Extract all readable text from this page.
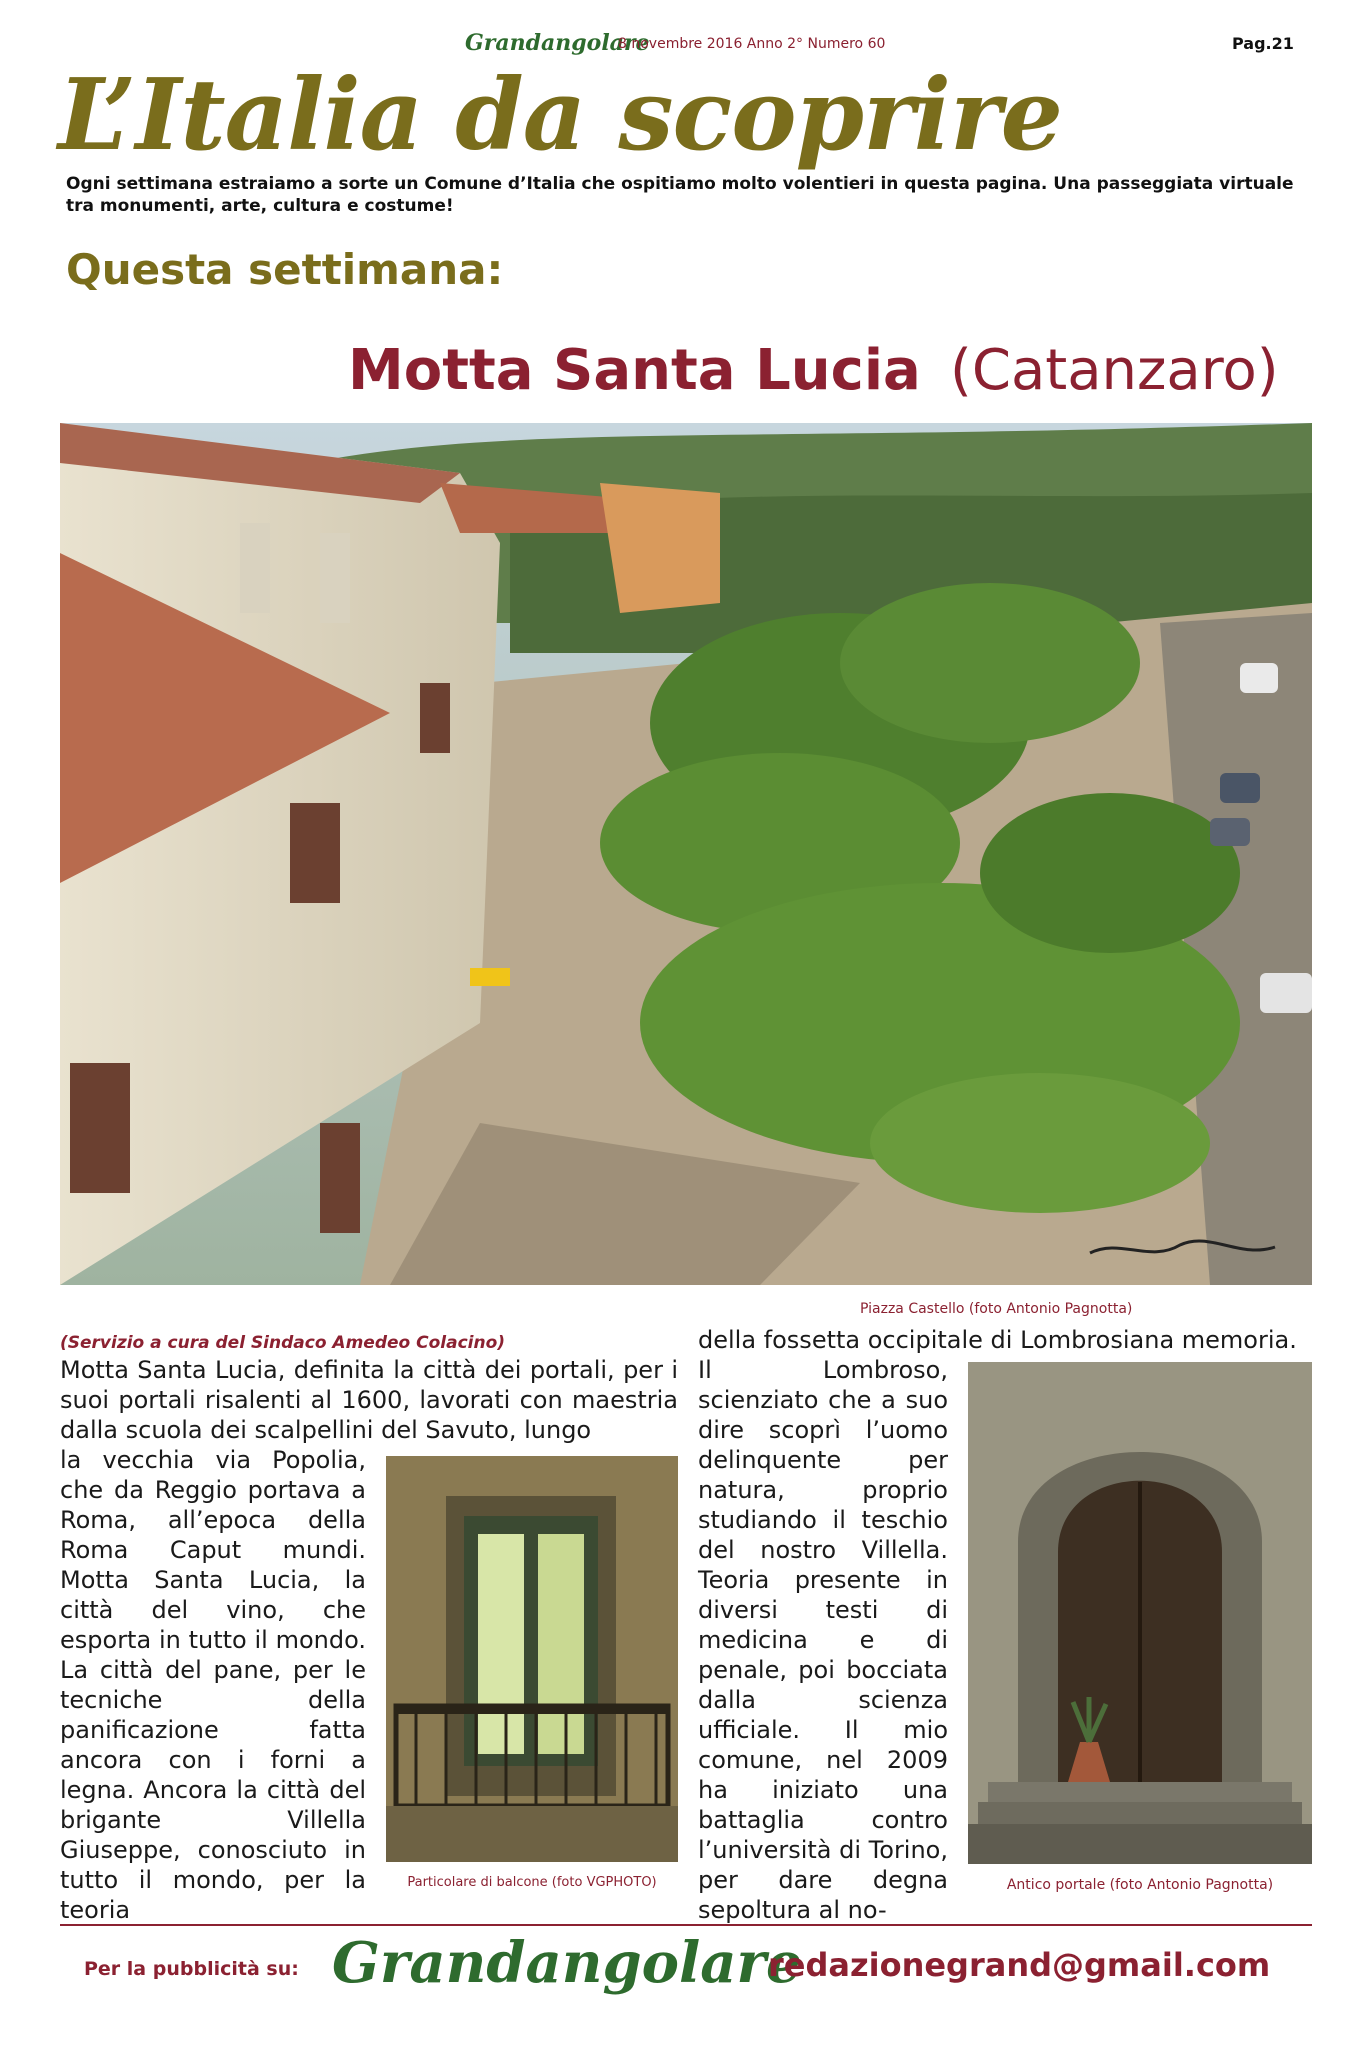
Grandangolare
8 novembre 2016 Anno 2° Numero 60	Pag.21
L’Italia da scoprire
Ogni settimana estraiamo a sorte un Comune d’Italia che ospitiamo molto volentieri in questa pagina. Una passeggiata virtuale tra monumenti, arte, cultura e costume!
Questa settimana:
Motta Santa Lucia (Catanzaro)
Piazza Castello (foto Antonio Pagnotta)
(Servizio a cura del Sindaco Amedeo Colacino)
Motta Santa Lucia, definita la città dei portali, per i suoi portali risalenti al 1600, lavorati con maestria dalla scuola dei scalpellini del Savuto, lungo
la vecchia via Popolia, che da Reggio portava a Roma, all’epoca della Roma Caput mundi. Motta Santa Lucia, la città del vino, che esporta in tutto il mondo. La città del pane, per le tecniche della panificazione fatta ancora con i forni a legna. Ancora la città del brigante Villella Giuseppe, conosciuto in tutto il mondo, per la teoria
della fossetta occipitale di Lombrosiana memoria.
Il Lombroso, scienziato che a suo dire scoprì l’uomo delinquente per natura, proprio studiando il teschio del nostro Villella. Teoria presente in diversi testi di medicina e di penale, poi bocciata dalla scienza ufficiale. Il mio comune, nel 2009 ha iniziato una battaglia contro l’università di Torino, per dare degna sepoltura al no-
Particolare di balcone (foto VGPHOTO)	Antico portale (foto Antonio Pagnotta)
Per la pubblicità su: Grandangolare
redazionegrand@gmail.com
